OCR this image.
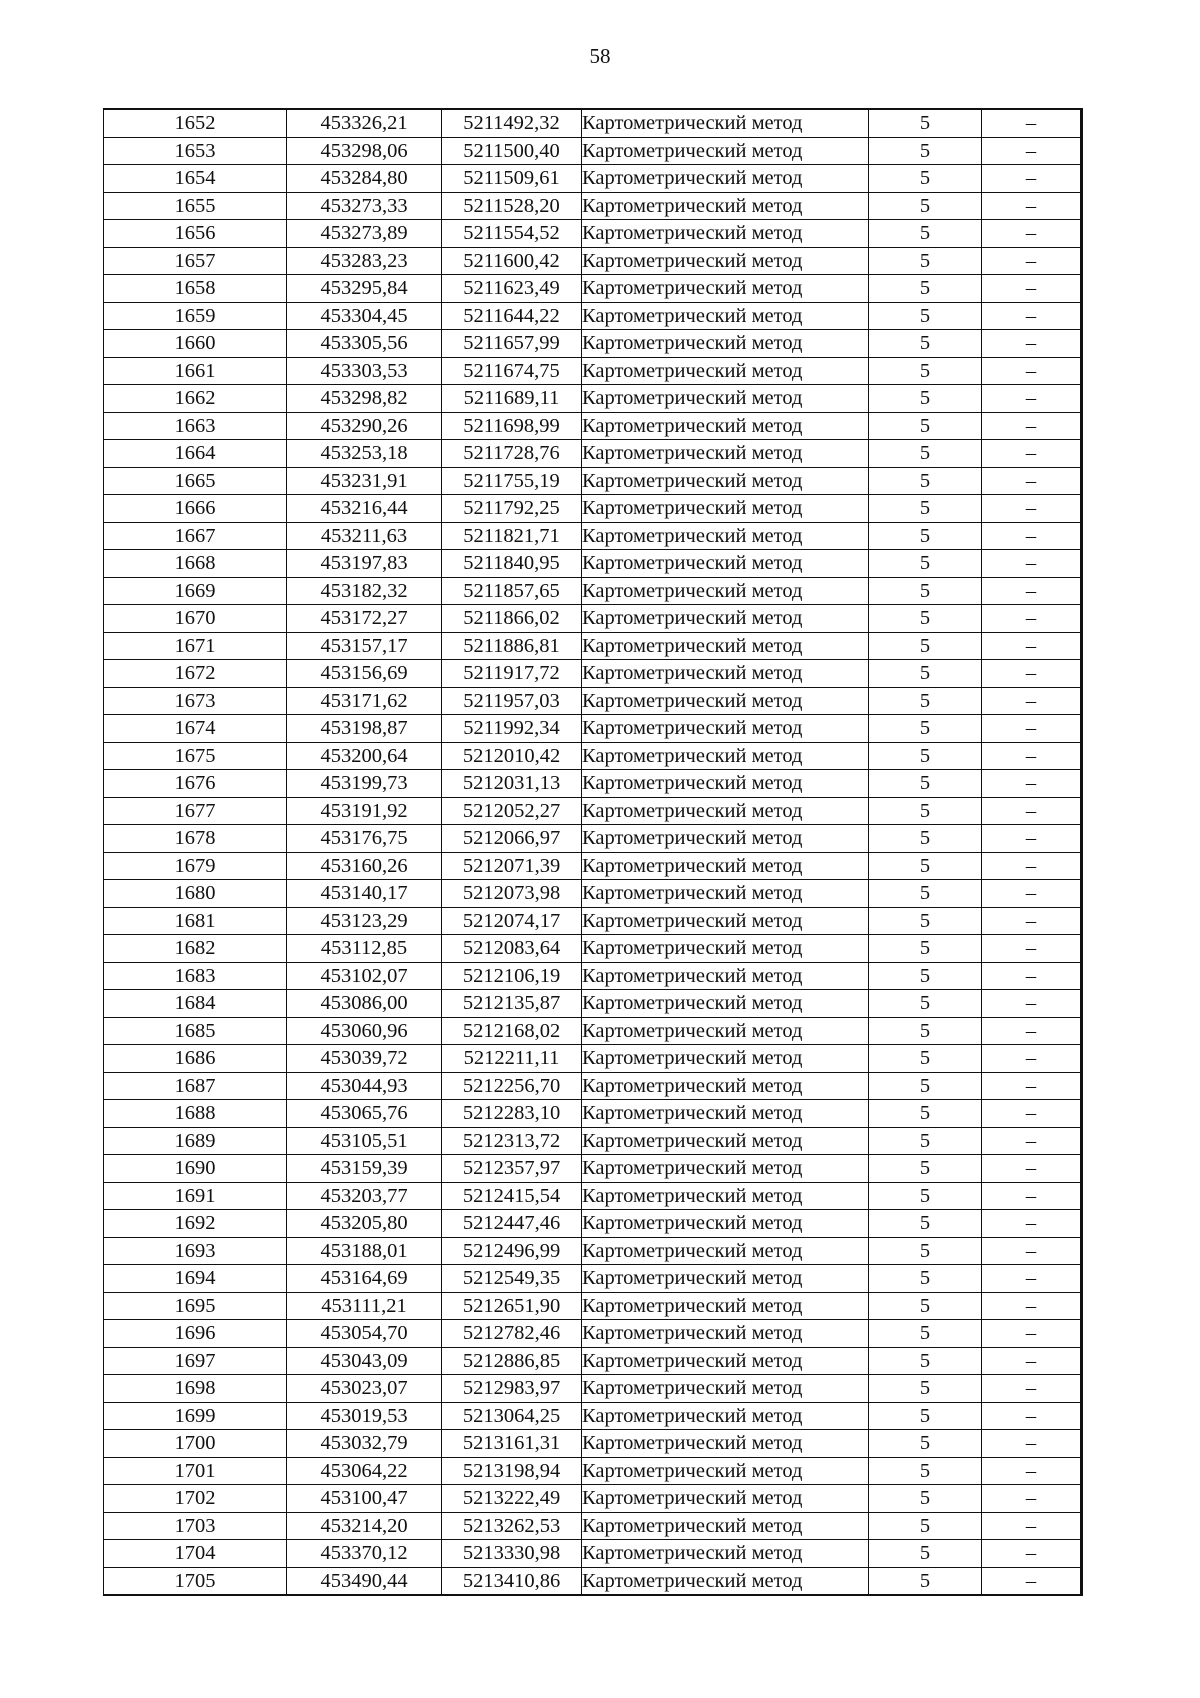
58
1652	453326,21	5211492,32	Картометрический метод	5	–
1653	453298,06	5211500,40	Картометрический метод	5	–
1654	453284,80	5211509,61	Картометрический метод	5	–
1655	453273,33	5211528,20	Картометрический метод	5	–
1656	453273,89	5211554,52	Картометрический метод	5	–
1657	453283,23	5211600,42	Картометрический метод	5	–
1658	453295,84	5211623,49	Картометрический метод	5	–
1659	453304,45	5211644,22	Картометрический метод	5	–
1660	453305,56	5211657,99	Картометрический метод	5	–
1661	453303,53	5211674,75	Картометрический метод	5	–
1662	453298,82	5211689,11	Картометрический метод	5	–
1663	453290,26	5211698,99	Картометрический метод	5	–
1664	453253,18	5211728,76	Картометрический метод	5	–
1665	453231,91	5211755,19	Картометрический метод	5	–
1666	453216,44	5211792,25	Картометрический метод	5	–
1667	453211,63	5211821,71	Картометрический метод	5	–
1668	453197,83	5211840,95	Картометрический метод	5	–
1669	453182,32	5211857,65	Картометрический метод	5	–
1670	453172,27	5211866,02	Картометрический метод	5	–
1671	453157,17	5211886,81	Картометрический метод	5	–
1672	453156,69	5211917,72	Картометрический метод	5	–
1673	453171,62	5211957,03	Картометрический метод	5	–
1674	453198,87	5211992,34	Картометрический метод	5	–
1675	453200,64	5212010,42	Картометрический метод	5	–
1676	453199,73	5212031,13	Картометрический метод	5	–
1677	453191,92	5212052,27	Картометрический метод	5	–
1678	453176,75	5212066,97	Картометрический метод	5	–
1679	453160,26	5212071,39	Картометрический метод	5	–
1680	453140,17	5212073,98	Картометрический метод	5	–
1681	453123,29	5212074,17	Картометрический метод	5	–
1682	453112,85	5212083,64	Картометрический метод	5	–
1683	453102,07	5212106,19	Картометрический метод	5	–
1684	453086,00	5212135,87	Картометрический метод	5	–
1685	453060,96	5212168,02	Картометрический метод	5	–
1686	453039,72	5212211,11	Картометрический метод	5	–
1687	453044,93	5212256,70	Картометрический метод	5	–
1688	453065,76	5212283,10	Картометрический метод	5	–
1689	453105,51	5212313,72	Картометрический метод	5	–
1690	453159,39	5212357,97	Картометрический метод	5	–
1691	453203,77	5212415,54	Картометрический метод	5	–
1692	453205,80	5212447,46	Картометрический метод	5	–
1693	453188,01	5212496,99	Картометрический метод	5	–
1694	453164,69	5212549,35	Картометрический метод	5	–
1695	453111,21	5212651,90	Картометрический метод	5	–
1696	453054,70	5212782,46	Картометрический метод	5	–
1697	453043,09	5212886,85	Картометрический метод	5	–
1698	453023,07	5212983,97	Картометрический метод	5	–
1699	453019,53	5213064,25	Картометрический метод	5	–
1700	453032,79	5213161,31	Картометрический метод	5	–
1701	453064,22	5213198,94	Картометрический метод	5	–
1702	453100,47	5213222,49	Картометрический метод	5	–
1703	453214,20	5213262,53	Картометрический метод	5	–
1704	453370,12	5213330,98	Картометрический метод	5	–
1705	453490,44	5213410,86	Картометрический метод	5	–
